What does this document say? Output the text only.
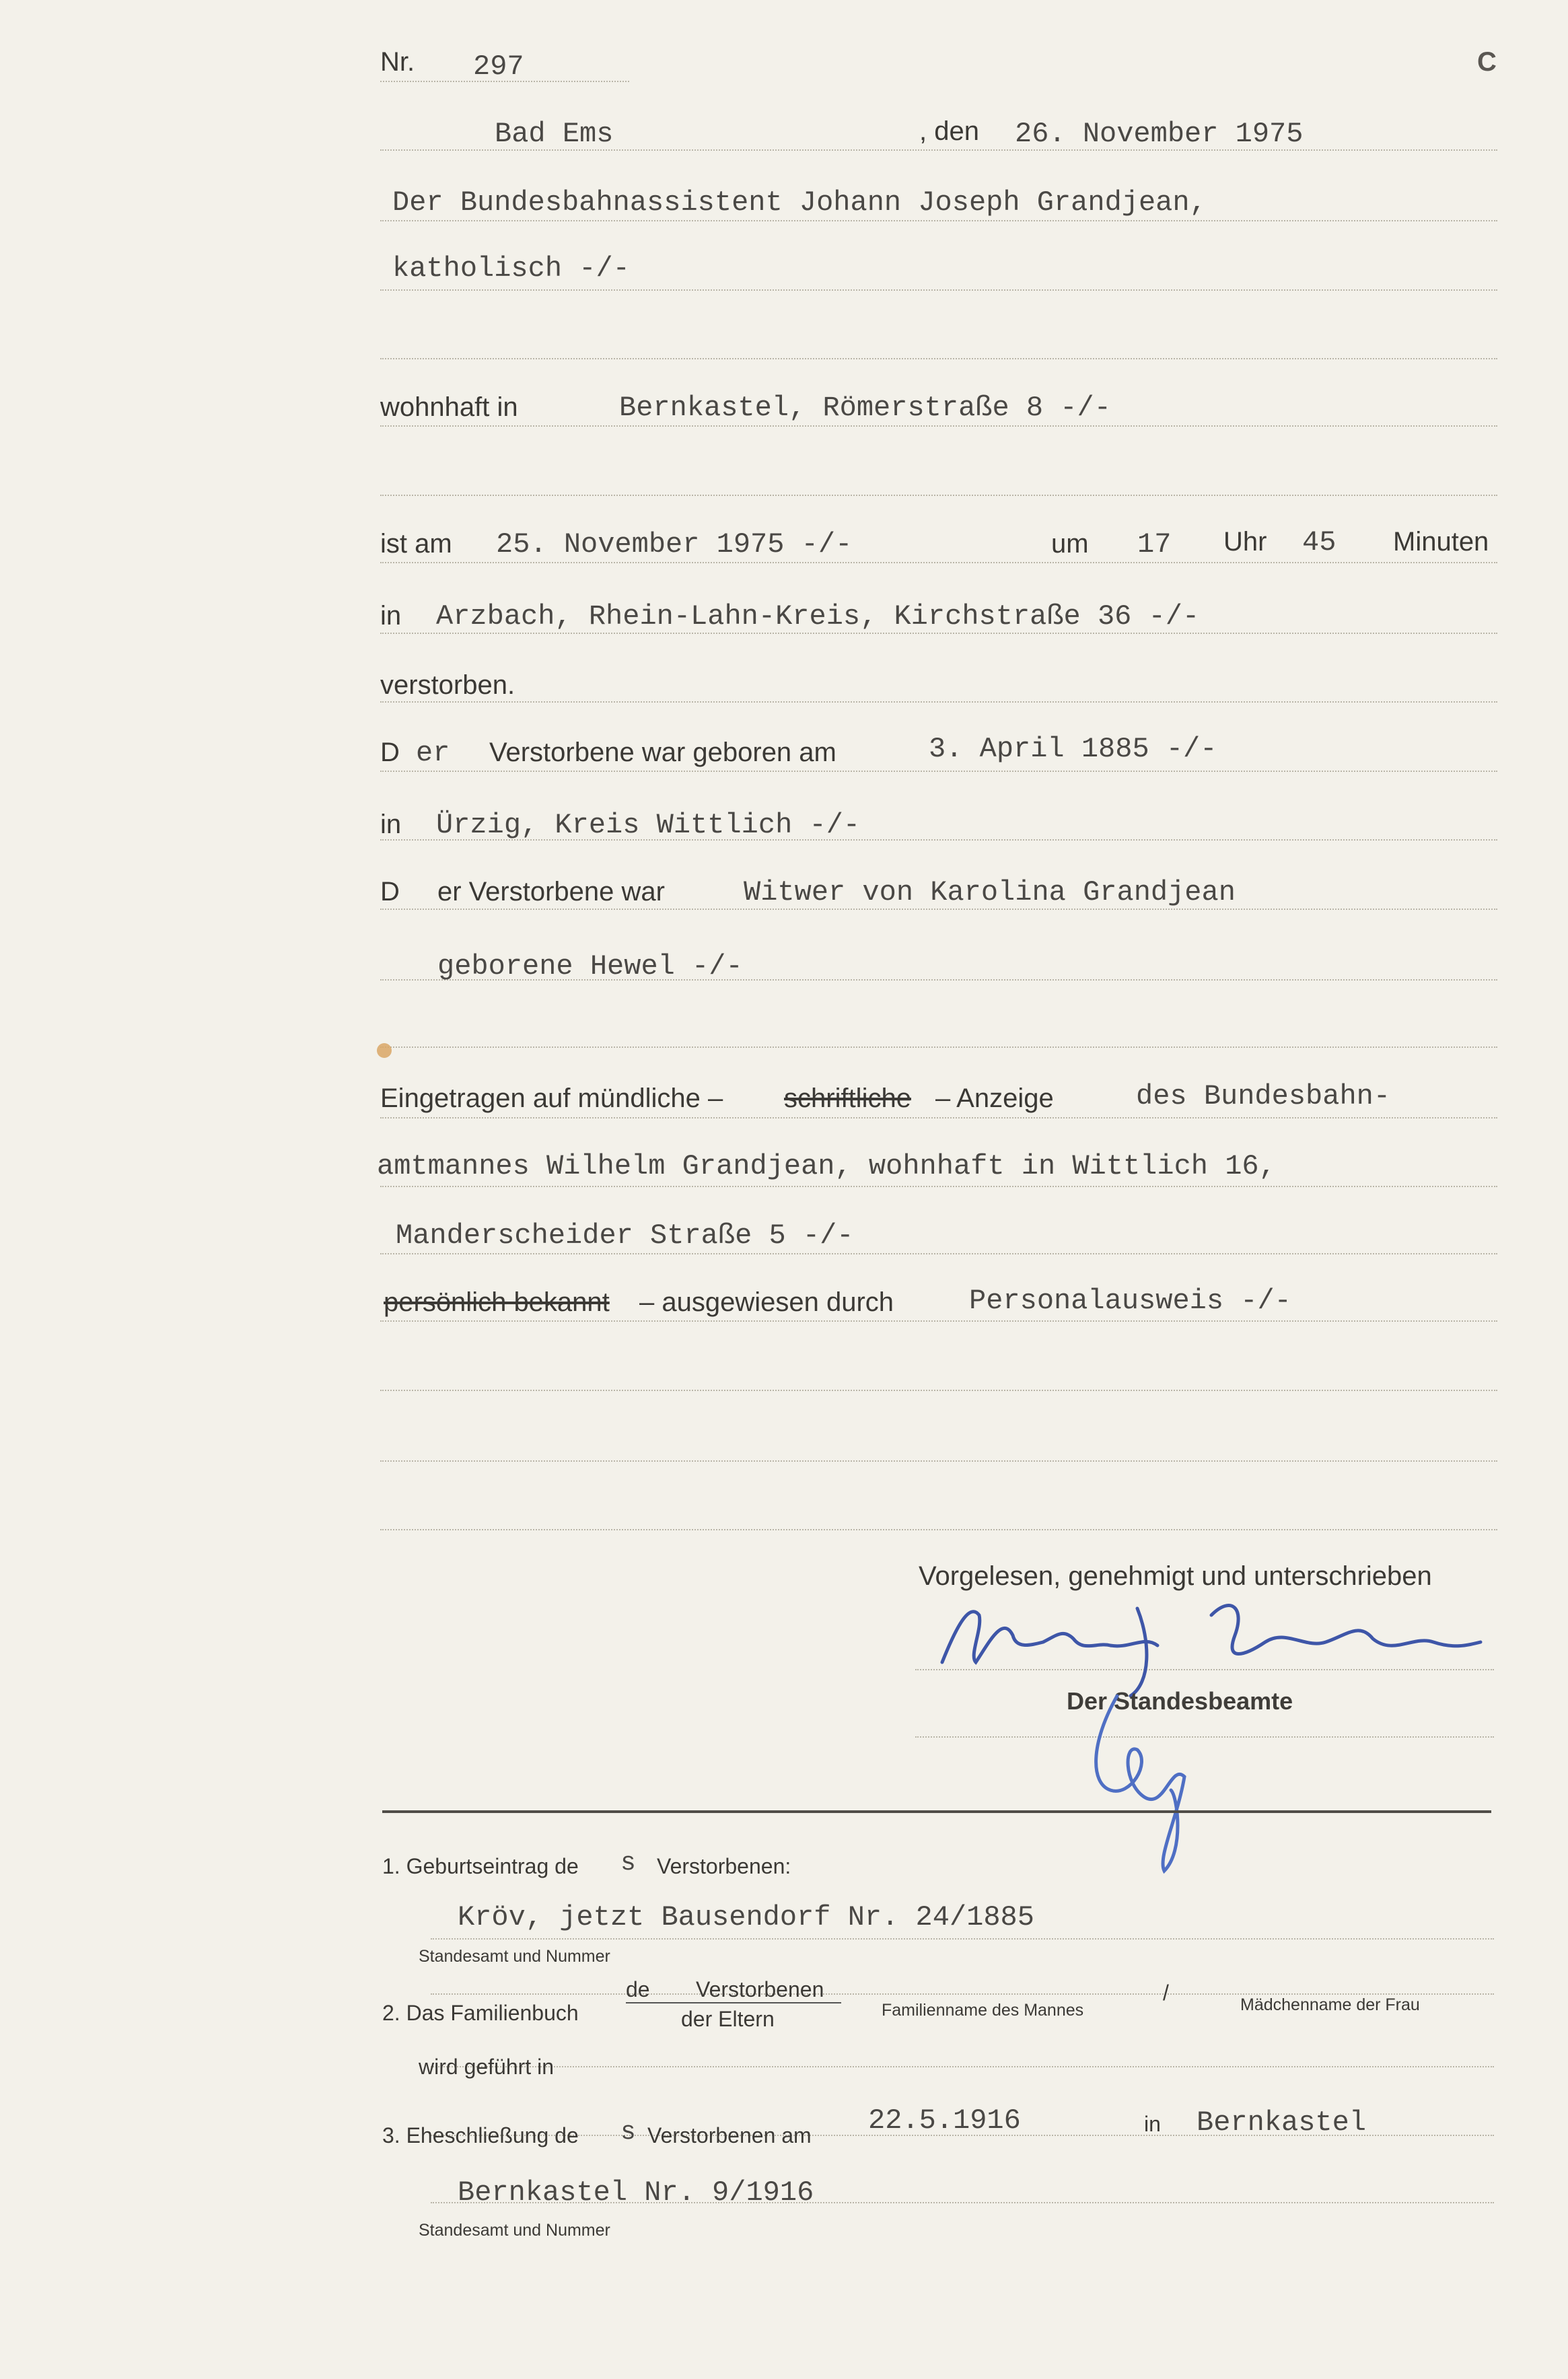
Nr. 297	C
Bad Ems	, den 26. November 1975
Der Bundesbahnassistent Johann Joseph Grandjean,
katholisch -/-
wohnhaft in	Bernkastel, Römerstraße 8 -/-
ist am 25. November 1975 -/-	um 17 Uhr 45 Minuten
in Arzbach, Rhein-Lahn-Kreis, Kirchstraße 36 -/-
verstorben.
D er Verstorbene war geboren am	3. April 1885 -/-
in Ürzig, Kreis Wittlich -/-
D er Verstorbene war	Witwer von Karolina Grandjean
geborene Hewel -/-
Eingetragen auf mündliche – schriftliche – Anzeige	des Bundesbahn-
amtmannes Wilhelm Grandjean, wohnhaft in Wittlich 16,
Manderscheider Straße 5 -/-
persönlich bekannt – ausgewiesen durch	Personalausweis -/-
Vorgelesen, genehmigt und unterschrieben
Der Standesbeamte
1. Geburtseintrag de s Verstorbenen:
Kröv, jetzt Bausendorf Nr. 24/1885
Standesamt und Nummer
de Verstorbenen
2. Das Familienbuch	der Eltern	Familienname des Mannes
/	Mädchenname der Frau
wird geführt in
3. Eheschließung de s Verstorbenen am 22.5.1916	in Bernkastel
Bernkastel Nr. 9/1916
Standesamt und Nummer
